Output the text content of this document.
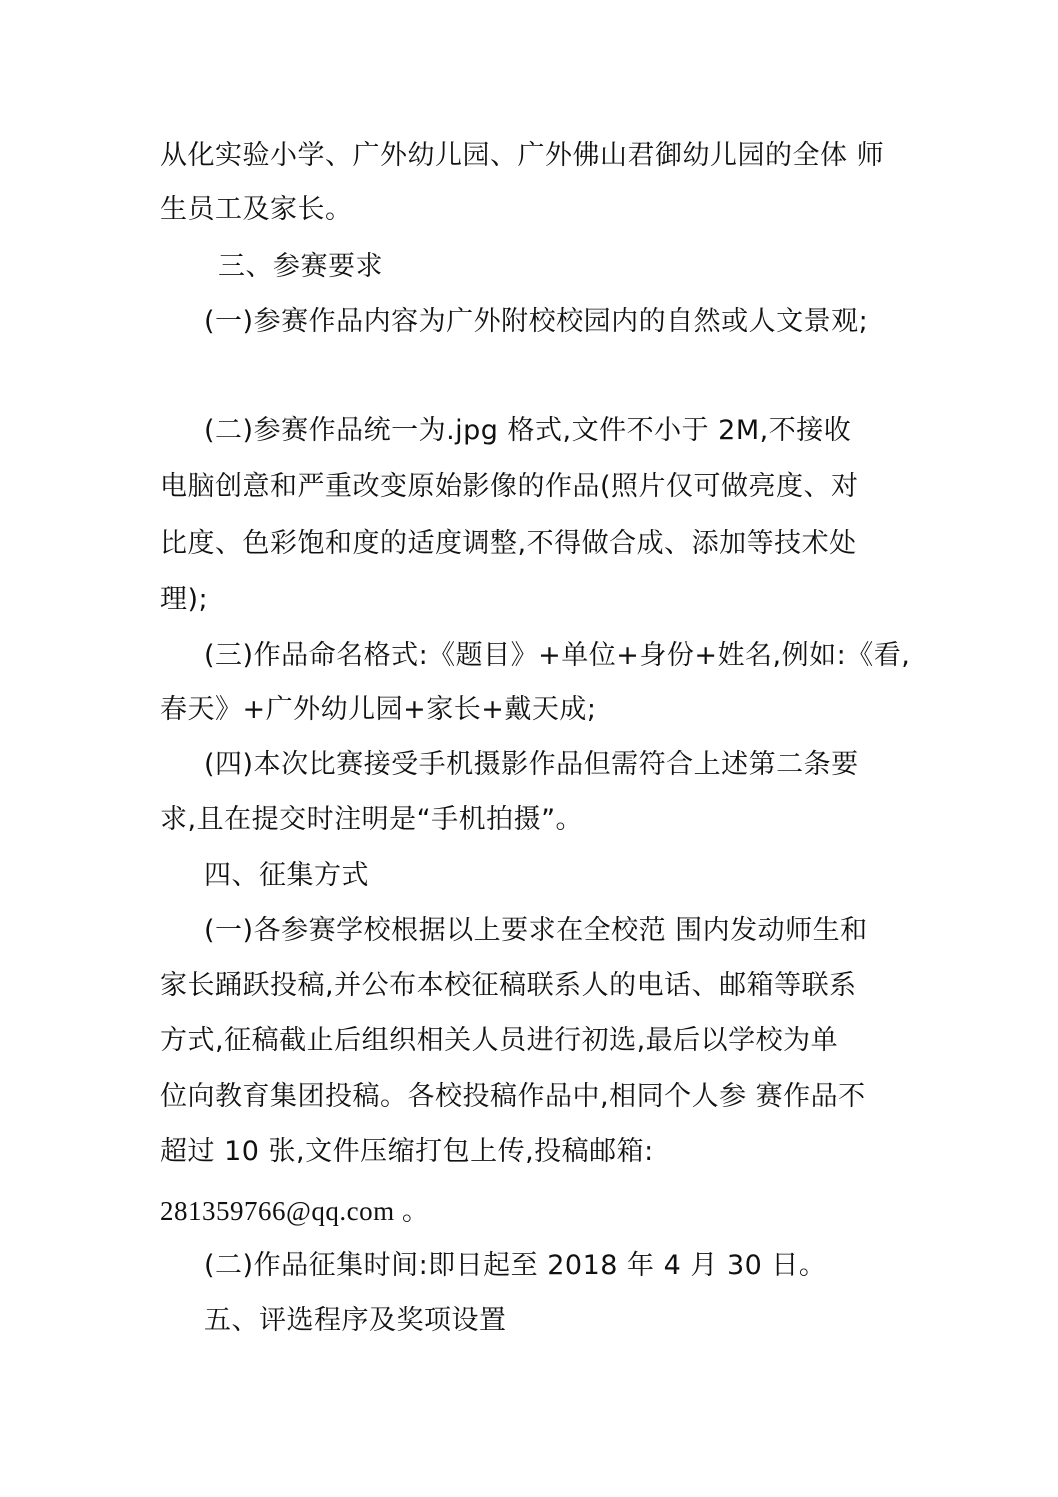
从化实验小学、广外幼儿园、广外佛山君御幼儿园的全体 师
生员工及家长。
三、参赛要求
(一)参赛作品内容为广外附校校园内的自然或人文景观;
(二)参赛作品统一为.jpg 格式,文件不小于 2M,不接收
电脑创意和严重改变原始影像的作品(照片仅可做亮度、对
比度、色彩饱和度的适度调整,不得做合成、添加等技术处
理);
(三)作品命名格式:《题目》+单位+身份+姓名,例如:《看,
春天》+广外幼儿园+家长+戴天成;
(四)本次比赛接受手机摄影作品但需符合上述第二条要
求,且在提交时注明是“手机拍摄”。
四、征集方式
(一)各参赛学校根据以上要求在全校范 围内发动师生和
家长踊跃投稿,并公布本校征稿联系人的电话、邮箱等联系
方式,征稿截止后组织相关人员进行初选,最后以学校为单
位向教育集团投稿。各校投稿作品中,相同个人参 赛作品不
超过 10 张,文件压缩打包上传,投稿邮箱:
281359766@qq.com 。
(二)作品征集时间:即日起至 2018 年 4 月 30 日。
五、评选程序及奖项设置
